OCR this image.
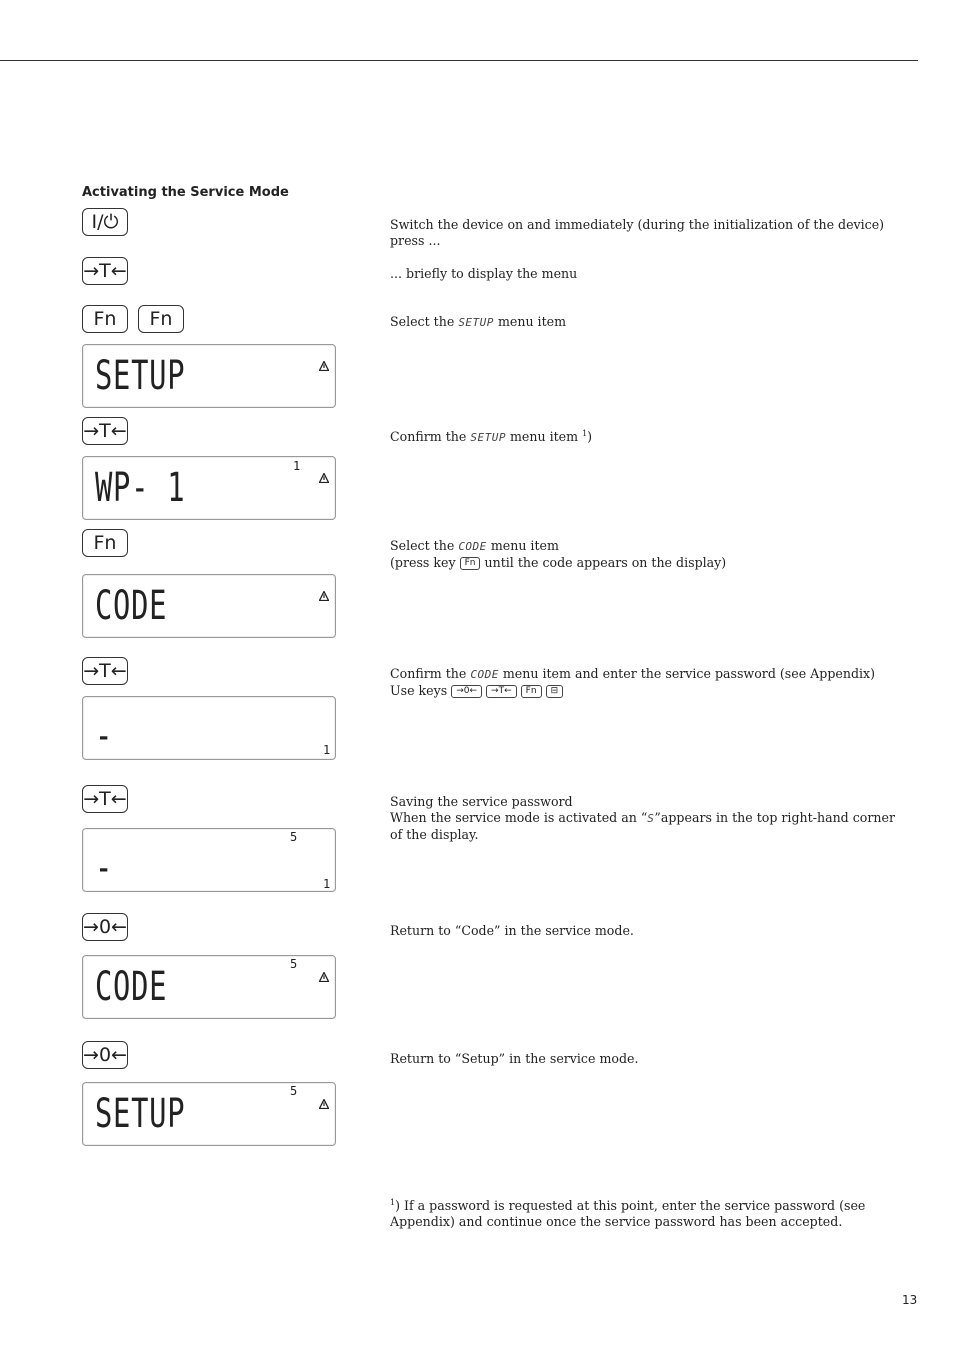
Activating the Service Mode
I/⏻
→T←
Fn	Fn
SETUP
→T←
WP- 1	1
Fn
CODE
→T←
-	1
→T←
-
5
1
→0←
CODE	5
→0←
SETUP	5
Switch the device on and immediately (during the initialization of the device) press ...
... briefly to display the menu
Select the SETUP menu item
Confirm the SETUP menu item $^1$)
Select the CODE menu item
(press key Fn until the code appears on the display)
Confirm the CODE menu item and enter the service password (see Appendix)
Use keys →0← →T← Fn ⊟
Saving the service password
When the service mode is activated an “S”appears in the top right-hand corner of the display.
Return to “Code” in the service mode.
Return to “Setup” in the service mode.
$^1$) If a password is requested at this point, enter the service password (see Appendix) and continue once the service password has been accepted.
13
